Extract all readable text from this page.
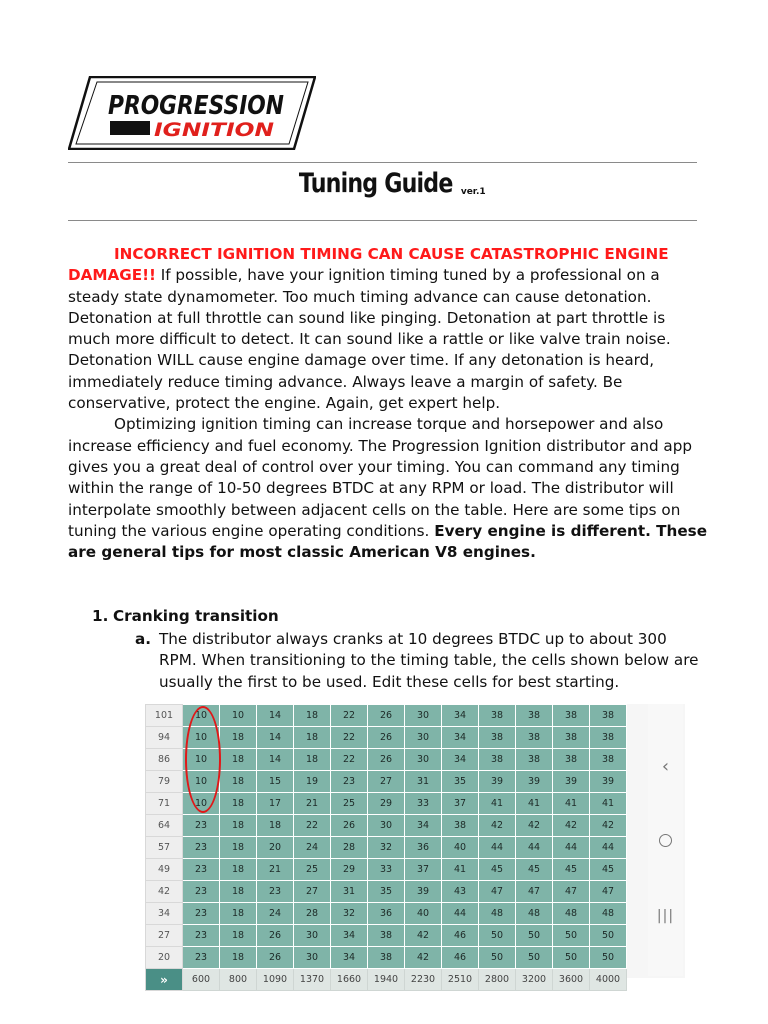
PROGRESSION
IGNITION
Tuning Guide ver.1

INCORRECT IGNITION TIMING CAN CAUSE CATASTROPHIC ENGINE DAMAGE!! If possible, have your ignition timing tuned by a professional on a steady state dynamometer. Too much timing advance can cause detonation. Detonation at full throttle can sound like pinging. Detonation at part throttle is much more difficult to detect. It can sound like a rattle or like valve train noise. Detonation WILL cause engine damage over time. If any detonation is heard, immediately reduce timing advance. Always leave a margin of safety. Be conservative, protect the engine. Again, get expert help.

Optimizing ignition timing can increase torque and horsepower and also increase efficiency and fuel economy. The Progression Ignition distributor and app gives you a great deal of control over your timing. You can command any timing within the range of 10-50 degrees BTDC at any RPM or load. The distributor will interpolate smoothly between adjacent cells on the table. Here are some tips on tuning the various engine operating conditions. Every engine is different. These are general tips for most classic American V8 engines.

1. Cranking transition
a. The distributor always cranks at 10 degrees BTDC up to about 300 RPM. When transitioning to the timing table, the cells shown below are usually the first to be used. Edit these cells for best starting.
101	10	10	14	18	22	26	30	34	38	38	38	38
94	10	18	14	18	22	26	30	34	38	38	38	38
86	10	18	14	18	22	26	30	34	38	38	38	38
79	10	18	15	19	23	27	31	35	39	39	39	39
71	10	18	17	21	25	29	33	37	41	41	41	41
64	23	18	18	22	26	30	34	38	42	42	42	42
57	23	18	20	24	28	32	36	40	44	44	44	44
49	23	18	21	25	29	33	37	41	45	45	45	45
42	23	18	23	27	31	35	39	43	47	47	47	47
34	23	18	24	28	32	36	40	44	48	48	48	48
27	23	18	26	30	34	38	42	46	50	50	50	50
20	23	18	26	30	34	38	42	46	50	50	50	50
»	600	800	1090	1370	1660	1940	2230	2510	2800	3200	3600	4000
‹
|||
